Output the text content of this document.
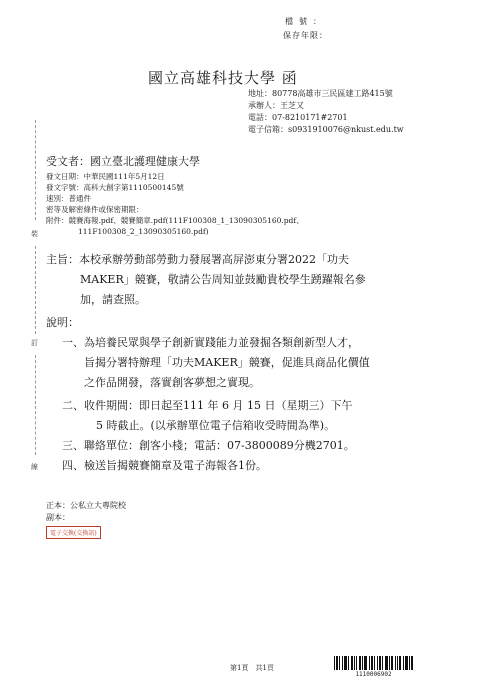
裝
訂
線
檔號：
保存年限：
國立高雄科技大學 函
地址：80778高雄市三民區建工路415號
承辦人：王芝又
電話：07-8210171#2701
電子信箱：s0931910076@nkust.edu.tw
受文者：國立臺北護理健康大學
發文日期：中華民國111年5月12日
發文字號：高科大創字第1110500145號
速別：普通件
密等及解密條件或保密期限：
附件：競賽海報.pdf、競賽簡章.pdf(111F100308_1_13090305160.pdf、
111F100308_2_13090305160.pdf)
主旨：本校承辦勞動部勞動力發展署高屏澎東分署2022「功夫
MAKER」競賽，敬請公告周知並鼓勵貴校學生踴躍報名參
加，請查照。
說明：
一、為培養民眾與學子創新實踐能力並發掘各類創新型人才，
旨揭分署特辦理「功夫MAKER」競賽，促進具商品化價值
之作品開發，落實創客夢想之實現。
二、收件期間：即日起至111 年 6 月 15 日（星期三）下午
5 時截止。(以承辦單位電子信箱收受時間為準)。
三、聯絡單位：創客小棧；電話：07-3800089分機2701。
四、檢送旨揭競賽簡章及電子海報各1份。
正本：公私立大專院校
副本：
電子交換(交換訊)
第1頁　共1頁
1110006902
